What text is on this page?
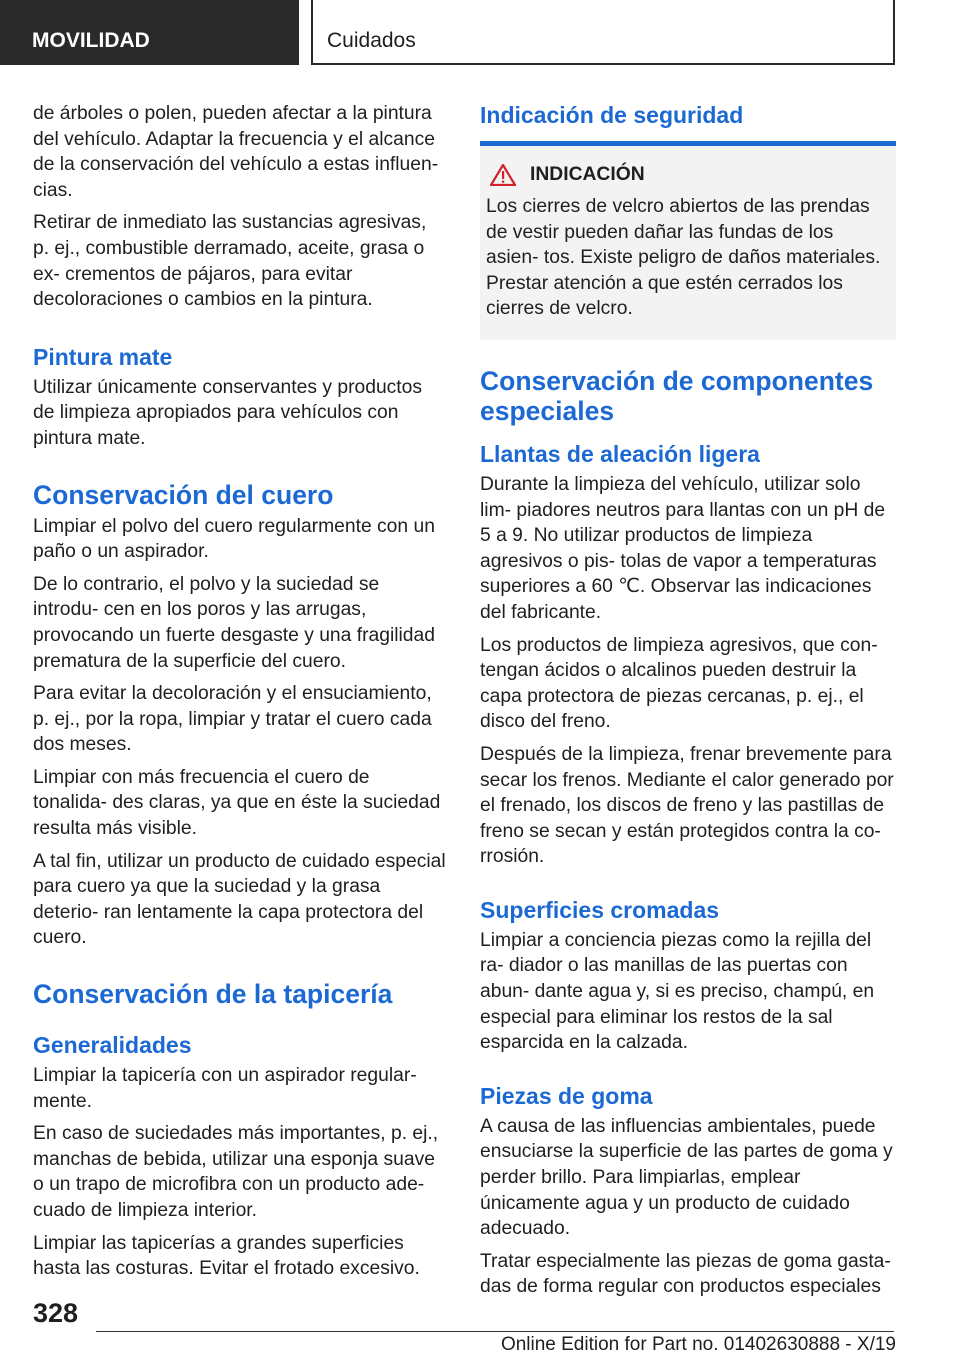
MOVILIDAD	Cuidados

de árboles o polen, pueden afectar a la pintura del vehículo. Adaptar la frecuencia y el alcance de la conservación del vehículo a estas influen‐ cias.

Retirar de inmediato las sustancias agresivas, p. ej., combustible derramado, aceite, grasa o ex‐ crementos de pájaros, para evitar decoloraciones o cambios en la pintura.

Pintura mate

Utilizar únicamente conservantes y productos de limpieza apropiados para vehículos con pintura mate.

Conservación del cuero

Limpiar el polvo del cuero regularmente con un paño o un aspirador.

De lo contrario, el polvo y la suciedad se introdu‐ cen en los poros y las arrugas, provocando un fuerte desgaste y una fragilidad prematura de la superficie del cuero.

Para evitar la decoloración y el ensuciamiento, p. ej., por la ropa, limpiar y tratar el cuero cada dos meses.

Limpiar con más frecuencia el cuero de tonalida‐ des claras, ya que en éste la suciedad resulta más visible.

A tal fin, utilizar un producto de cuidado especial para cuero ya que la suciedad y la grasa deterio‐ ran lentamente la capa protectora del cuero.

Conservación de la tapicería
Generalidades

Limpiar la tapicería con un aspirador regular‐ mente.

En caso de suciedades más importantes, p. ej., manchas de bebida, utilizar una esponja suave o un trapo de microfibra con un producto ade‐ cuado de limpieza interior.

Limpiar las tapicerías a grandes superficies hasta las costuras. Evitar el frotado excesivo.

Indicación de seguridad
INDICACIÓN

Los cierres de velcro abiertos de las prendas de vestir pueden dañar las fundas de los asien‐ tos. Existe peligro de daños materiales. Prestar atención a que estén cerrados los cierres de velcro.

Conservación de componentes especiales
Llantas de aleación ligera

Durante la limpieza del vehículo, utilizar solo lim‐ piadores neutros para llantas con un pH de 5 a 9. No utilizar productos de limpieza agresivos o pis‐ tolas de vapor a temperaturas superiores a 60 ℃. Observar las indicaciones del fabricante.

Los productos de limpieza agresivos, que con‐ tengan ácidos o alcalinos pueden destruir la capa protectora de piezas cercanas, p. ej., el disco del freno.

Después de la limpieza, frenar brevemente para secar los frenos. Mediante el calor generado por el frenado, los discos de freno y las pastillas de freno se secan y están protegidos contra la co‐ rrosión.

Superficies cromadas

Limpiar a conciencia piezas como la rejilla del ra‐ diador o las manillas de las puertas con abun‐ dante agua y, si es preciso, champú, en especial para eliminar los restos de la sal esparcida en la calzada.

Piezas de goma

A causa de las influencias ambientales, puede ensuciarse la superficie de las partes de goma y perder brillo. Para limpiarlas, emplear únicamente agua y un producto de cuidado adecuado.

Tratar especialmente las piezas de goma gasta‐ das de forma regular con productos especiales

328
Online Edition for Part no. 01402630888 - X/19
